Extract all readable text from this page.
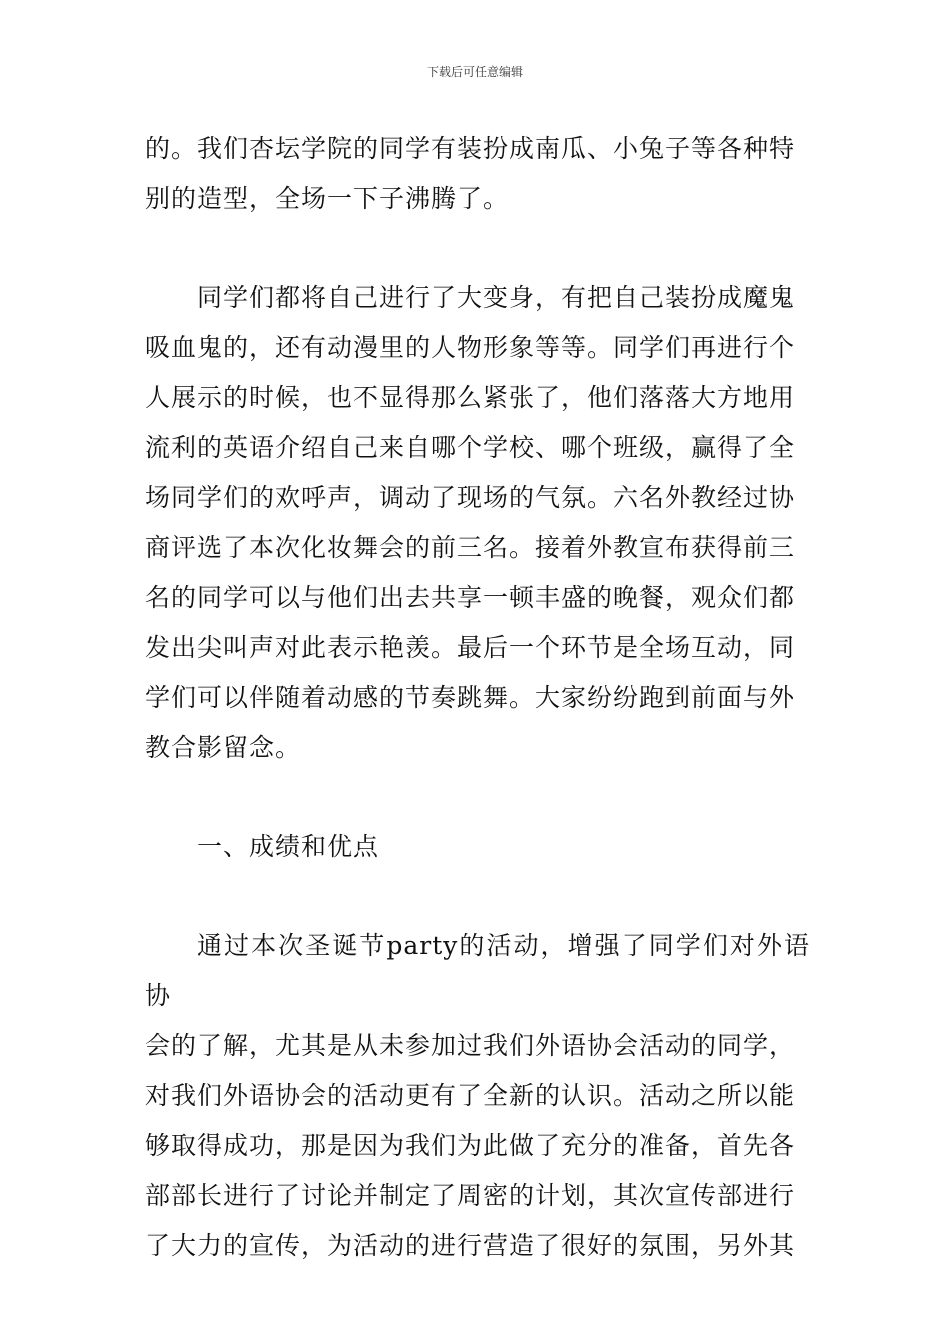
下载后可任意编辑

的。我们杏坛学院的同学有装扮成南瓜、小兔子等各种特
别的造型，全场一下子沸腾了。

同学们都将自己进行了大变身，有把自己装扮成魔鬼
吸血鬼的，还有动漫里的人物形象等等。同学们再进行个
人展示的时候，也不显得那么紧张了，他们落落大方地用
流利的英语介绍自己来自哪个学校、哪个班级，赢得了全
场同学们的欢呼声，调动了现场的气氛。六名外教经过协
商评选了本次化妆舞会的前三名。接着外教宣布获得前三
名的同学可以与他们出去共享一顿丰盛的晚餐，观众们都
发出尖叫声对此表示艳羡。最后一个环节是全场互动，同
学们可以伴随着动感的节奏跳舞。大家纷纷跑到前面与外
教合影留念。

一、成绩和优点

通过本次圣诞节party的活动，增强了同学们对外语协
会的了解，尤其是从未参加过我们外语协会活动的同学，
对我们外语协会的活动更有了全新的认识。活动之所以能
够取得成功，那是因为我们为此做了充分的准备，首先各
部部长进行了讨论并制定了周密的计划，其次宣传部进行
了大力的宣传，为活动的进行营造了很好的氛围，另外其
